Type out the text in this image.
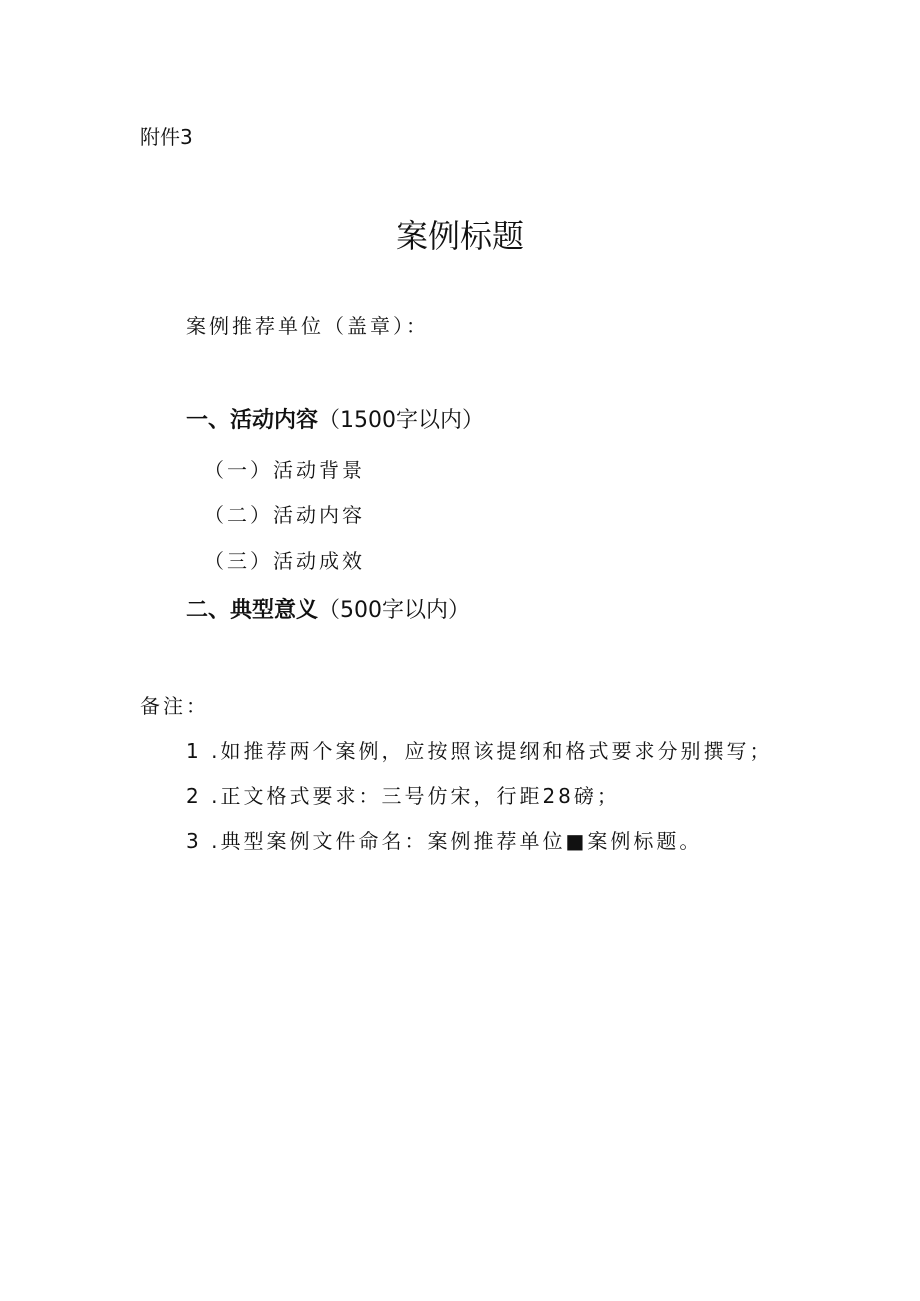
附件3
案例标题
案例推荐单位（盖章）：
一、活动内容（1500字以内）
（一）活动背景
（二）活动内容
（三）活动成效
二、典型意义（500字以内）
备注：
1 .如推荐两个案例，应按照该提纲和格式要求分别撰写；
2 .正文格式要求：三号仿宋，行距28磅；
3 .典型案例文件命名：案例推荐单位■案例标题。
